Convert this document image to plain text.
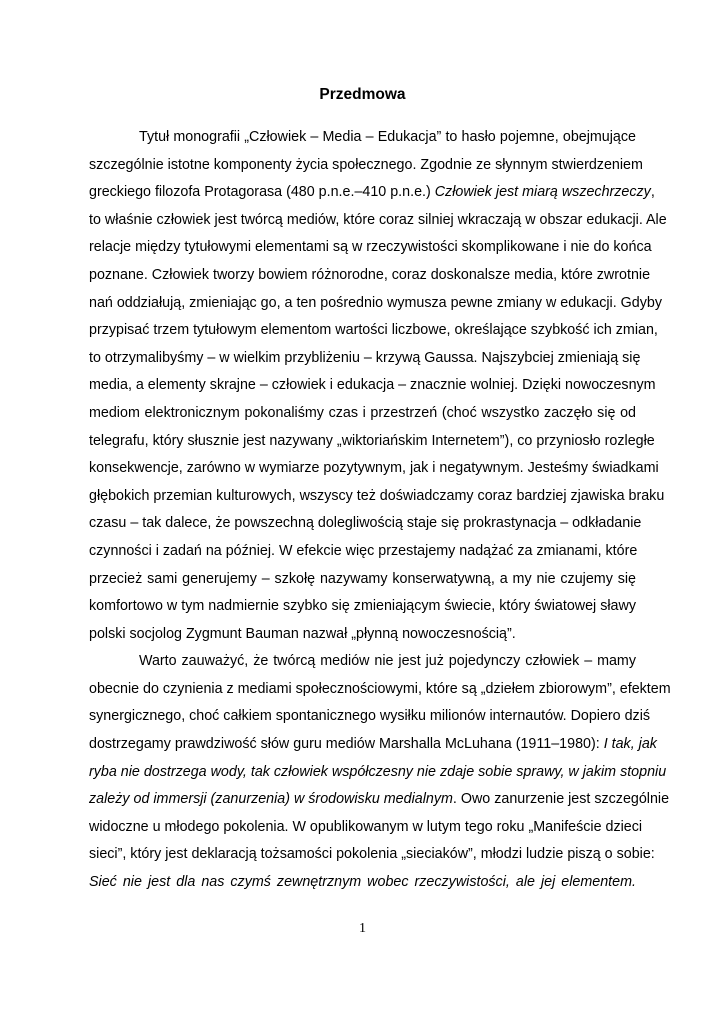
Przedmowa
Tytuł monografii „Człowiek – Media – Edukacja” to hasło pojemne, obejmujące
szczególnie istotne komponenty życia społecznego. Zgodnie ze słynnym stwierdzeniem
greckiego filozofa Protagorasa (480 p.n.e.–410 p.n.e.) Człowiek jest miarą wszechrzeczy,
to właśnie człowiek jest twórcą mediów, które coraz silniej wkraczają w obszar edukacji. Ale
relacje między tytułowymi elementami są w rzeczywistości skomplikowane i nie do końca
poznane. Człowiek tworzy bowiem różnorodne, coraz doskonalsze media, które zwrotnie
nań oddziałują, zmieniając go, a ten pośrednio wymusza pewne zmiany w edukacji. Gdyby
przypisać trzem tytułowym elementom wartości liczbowe, określające szybkość ich zmian,
to otrzymalibyśmy – w wielkim przybliżeniu – krzywą Gaussa. Najszybciej zmieniają się
media, a elementy skrajne – człowiek i edukacja – znacznie wolniej. Dzięki nowoczesnym
mediom elektronicznym pokonaliśmy czas i przestrzeń (choć wszystko zaczęło się od
telegrafu, który słusznie jest nazywany „wiktoriańskim Internetem”), co przyniosło rozległe
konsekwencje, zarówno w wymiarze pozytywnym, jak i negatywnym. Jesteśmy świadkami
głębokich przemian kulturowych, wszyscy też doświadczamy coraz bardziej zjawiska braku
czasu – tak dalece, że powszechną dolegliwością staje się prokrastynacja – odkładanie
czynności i zadań na później. W efekcie więc przestajemy nadążać za zmianami, które
przecież sami generujemy – szkołę nazywamy konserwatywną, a my nie czujemy się
komfortowo w tym nadmiernie szybko się zmieniającym świecie, który światowej sławy
polski socjolog Zygmunt Bauman nazwał „płynną nowoczesnością”.
Warto zauważyć, że twórcą mediów nie jest już pojedynczy człowiek – mamy
obecnie do czynienia z mediami społecznościowymi, które są „dziełem zbiorowym”, efektem
synergicznego, choć całkiem spontanicznego wysiłku milionów internautów. Dopiero dziś
dostrzegamy prawdziwość słów guru mediów Marshalla McLuhana (1911–1980): I tak, jak
ryba nie dostrzega wody, tak człowiek współczesny nie zdaje sobie sprawy, w jakim stopniu
zależy od immersji (zanurzenia) w środowisku medialnym. Owo zanurzenie jest szczególnie
widoczne u młodego pokolenia. W opublikowanym w lutym tego roku „Manifeście dzieci
sieci”, który jest deklaracją tożsamości pokolenia „sieciaków”, młodzi ludzie piszą o sobie:
Sieć nie jest dla nas czymś zewnętrznym wobec rzeczywistości, ale jej elementem.
1
